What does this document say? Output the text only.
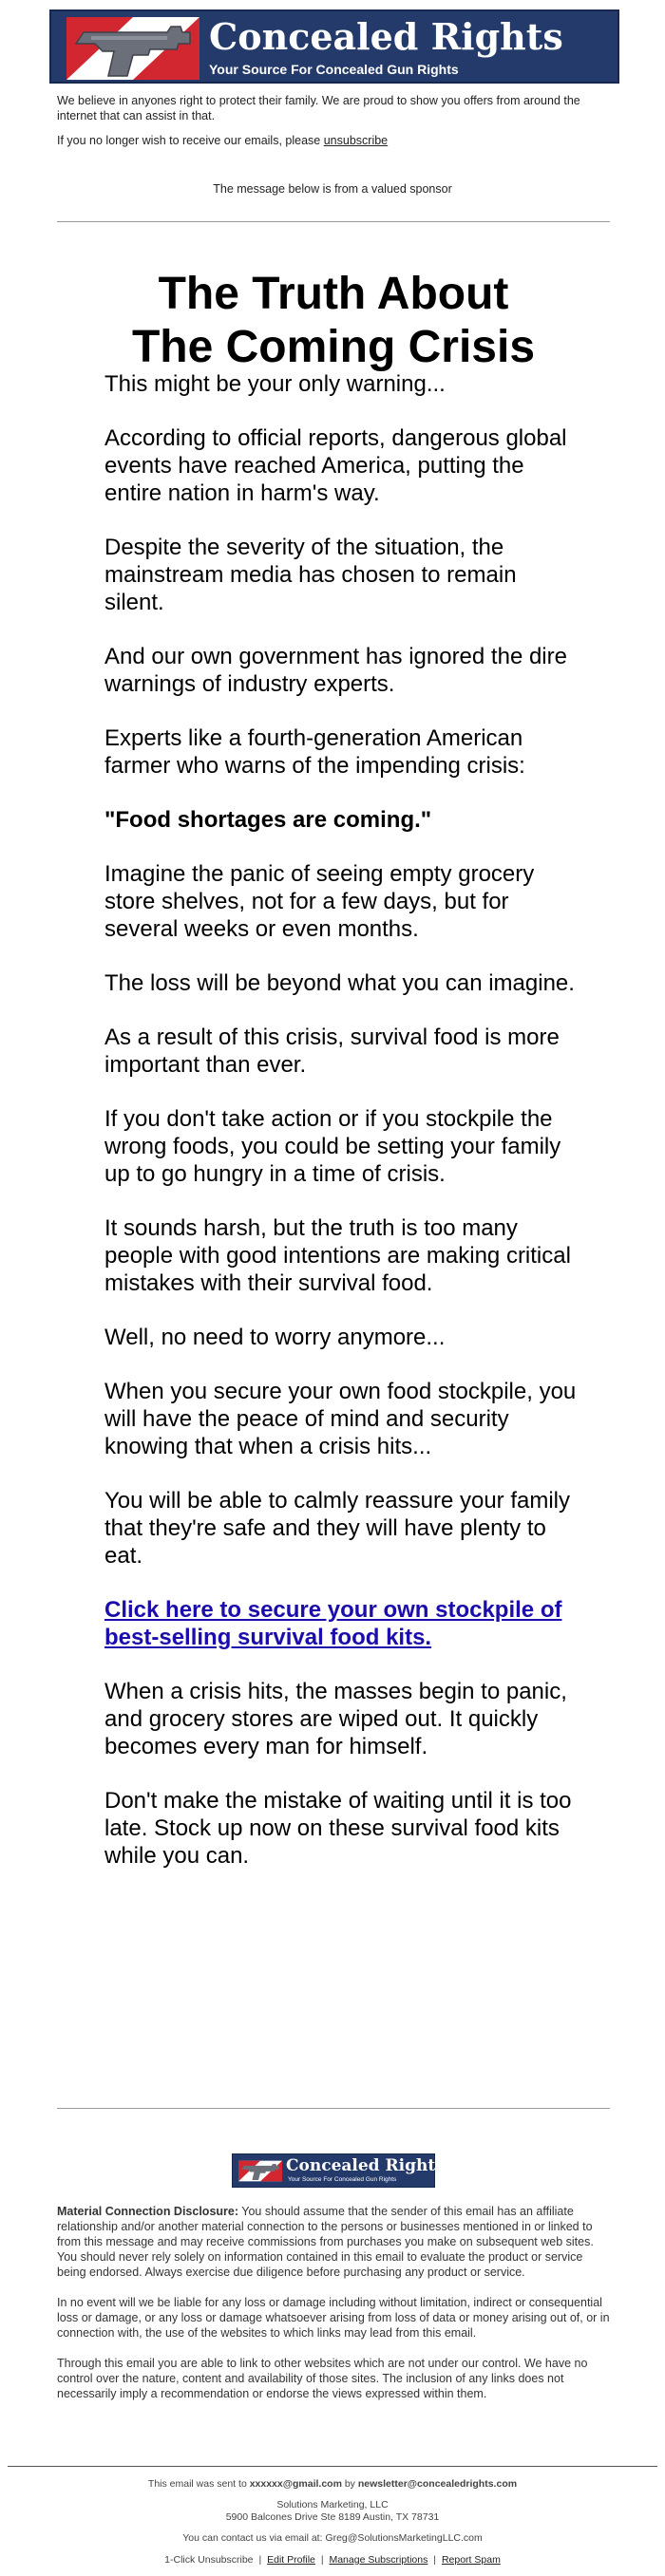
Concealed Rights
Your Source For Concealed Gun Rights

We believe in anyones right to protect their family. We are proud to show you offers from around the internet that can assist in that.

If you no longer wish to receive our emails, please unsubscribe
The message below is from a valued sponsor
The Truth About
The Coming Crisis

This might be your only warning...

According to official reports, dangerous global events have reached America, putting the entire nation in harm's way.

Despite the severity of the situation, the mainstream media has chosen to remain silent.

And our own government has ignored the dire warnings of industry experts.

Experts like a fourth-generation American farmer who warns of the impending crisis:

"Food shortages are coming."

Imagine the panic of seeing empty grocery store shelves, not for a few days, but for several weeks or even months.

The loss will be beyond what you can imagine.

As a result of this crisis, survival food is more important than ever.

If you don't take action or if you stockpile the wrong foods, you could be setting your family up to go hungry in a time of crisis.

It sounds harsh, but the truth is too many people with good intentions are making critical mistakes with their survival food.

Well, no need to worry anymore...

When you secure your own food stockpile, you will have the peace of mind and security knowing that when a crisis hits...

You will be able to calmly reassure your family that they're safe and they will have plenty to eat.

Click here to secure your own stockpile of best-selling survival food kits.

When a crisis hits, the masses begin to panic, and grocery stores are wiped out. It quickly becomes every man for himself.

Don't make the mistake of waiting until it is too late. Stock up now on these survival food kits while you can.

Concealed Rights
Your Source For Concealed Gun Rights

Material Connection Disclosure: You should assume that the sender of this email has an affiliate relationship and/or another material connection to the persons or businesses mentioned in or linked to from this message and may receive commissions from purchases you make on subsequent web sites. You should never rely solely on information contained in this email to evaluate the product or service being endorsed. Always exercise due diligence before purchasing any product or service.

In no event will we be liable for any loss or damage including without limitation, indirect or consequential loss or damage, or any loss or damage whatsoever arising from loss of data or money arising out of, or in connection with, the use of the websites to which links may lead from this email.

Through this email you are able to link to other websites which are not under our control. We have no control over the nature, content and availability of those sites. The inclusion of any links does not necessarily imply a recommendation or endorse the views expressed within them.

This email was sent to xxxxxx@gmail.com by newsletter@concealedrights.com

Solutions Marketing, LLC

5900 Balcones Drive Ste 8189 Austin, TX 78731

You can contact us via email at: Greg@SolutionsMarketingLLC.com

1-Click Unsubscribe | Edit Profile | Manage Subscriptions | Report Spam
